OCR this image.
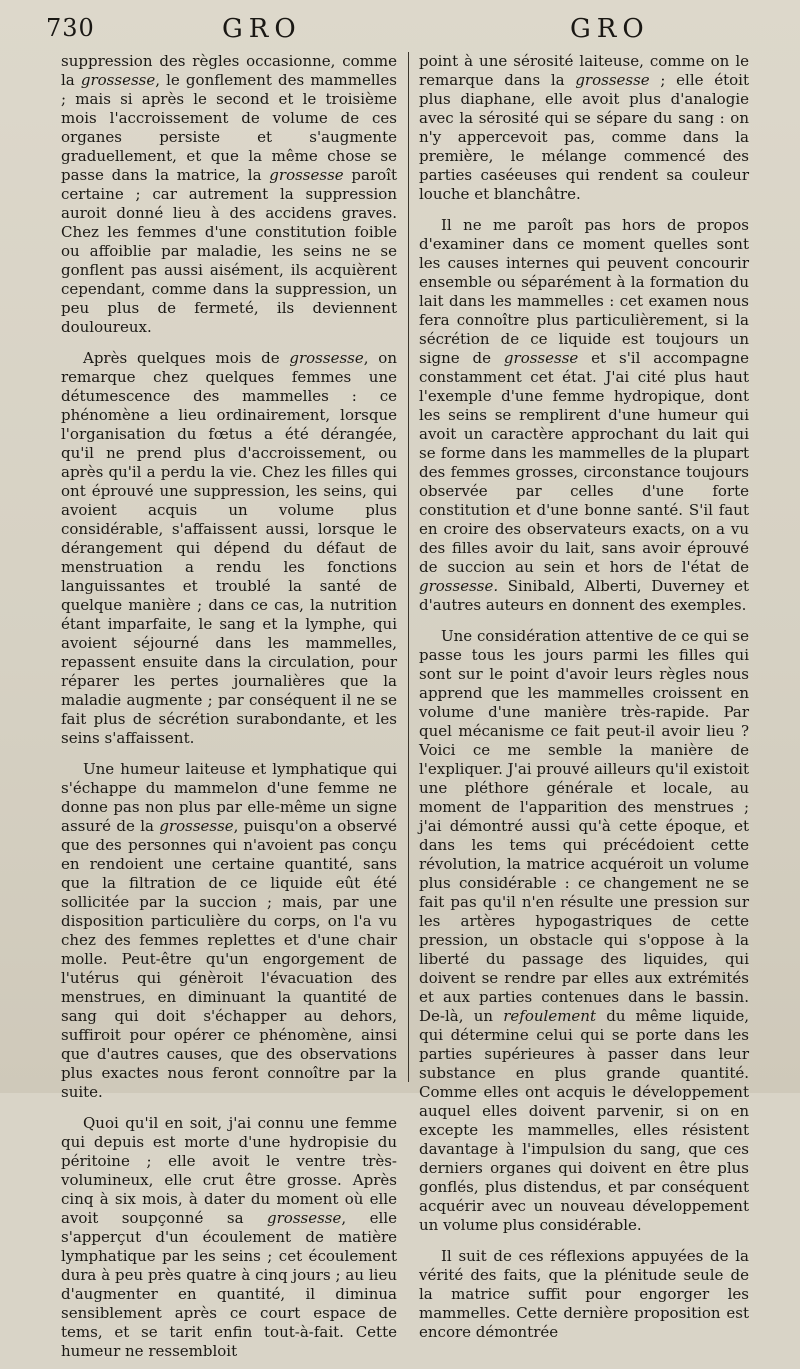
730	GRO	GRO

suppression des règles occasionne, comme la grossesse, le gonflement des mammelles ; mais si après le second et le troisième mois l'accroissement de volume de ces organes persiste et s'augmente graduellement, et que la même chose se passe dans la matrice, la grossesse paroît certaine ; car autrement la suppression auroit donné lieu à des accidens graves. Chez les femmes d'une constitution foible ou affoiblie par maladie, les seins ne se gonflent pas aussi aisément, ils acquièrent cependant, comme dans la suppression, un peu plus de fermeté, ils deviennent douloureux.

Après quelques mois de grossesse, on remarque chez quelques femmes une détumescence des mammelles : ce phénomène a lieu ordinairement, lorsque l'organisation du fœtus a été dérangée, qu'il ne prend plus d'accroissement, ou après qu'il a perdu la vie. Chez les filles qui ont éprouvé une suppression, les seins, qui avoient acquis un volume plus considérable, s'affaissent aussi, lorsque le dérangement qui dépend du défaut de menstruation a rendu les fonctions languissantes et troublé la santé de quelque manière ; dans ce cas, la nutrition étant imparfaite, le sang et la lymphe, qui avoient séjourné dans les mammelles, repassent ensuite dans la circulation, pour réparer les pertes journalières que la maladie augmente ; par conséquent il ne se fait plus de sécrétion surabondante, et les seins s'affaissent.

Une humeur laiteuse et lymphatique qui s'échappe du mammelon d'une femme ne donne pas non plus par elle-même un signe assuré de la grossesse, puisqu'on a observé que des personnes qui n'avoient pas conçu en rendoient une certaine quantité, sans que la filtration de ce liquide eût été sollicitée par la succion ; mais, par une disposition particulière du corps, on l'a vu chez des femmes replettes et d'une chair molle. Peut-être qu'un engorgement de l'utérus qui génèroit l'évacuation des menstrues, en diminuant la quantité de sang qui doit s'échapper au dehors, suffiroit pour opérer ce phénomène, ainsi que d'autres causes, que des observations plus exactes nous feront connoître par la suite.

Quoi qu'il en soit, j'ai connu une femme qui depuis est morte d'une hydropisie du péritoine ; elle avoit le ventre très-volumineux, elle crut être grosse. Après cinq à six mois, à dater du moment où elle avoit soupçonné sa grossesse, elle s'apperçut d'un écoulement de matière lymphatique par les seins ; cet écoulement dura à peu près quatre à cinq jours ; au lieu d'augmenter en quantité, il diminua sensiblement après ce court espace de tems, et se tarit enfin tout-à-fait. Cette humeur ne ressembloit

point à une sérosité laiteuse, comme on le remarque dans la grossesse ; elle étoit plus diaphane, elle avoit plus d'analogie avec la sérosité qui se sépare du sang : on n'y appercevoit pas, comme dans la première, le mélange commencé des parties caséeuses qui rendent sa couleur louche et blanchâtre.

Il ne me paroît pas hors de propos d'examiner dans ce moment quelles sont les causes internes qui peuvent concourir ensemble ou séparément à la formation du lait dans les mammelles : cet examen nous fera connoître plus particulièrement, si la sécrétion de ce liquide est toujours un signe de grossesse et s'il accompagne constamment cet état. J'ai cité plus haut l'exemple d'une femme hydropique, dont les seins se remplirent d'une humeur qui avoit un caractère approchant du lait qui se forme dans les mammelles de la plupart des femmes grosses, circonstance toujours observée par celles d'une forte constitution et d'une bonne santé. S'il faut en croire des observateurs exacts, on a vu des filles avoir du lait, sans avoir éprouvé de succion au sein et hors de l'état de grossesse. Sinibald, Alberti, Duverney et d'autres auteurs en donnent des exemples.

Une considération attentive de ce qui se passe tous les jours parmi les filles qui sont sur le point d'avoir leurs règles nous apprend que les mammelles croissent en volume d'une manière très-rapide. Par quel mécanisme ce fait peut-il avoir lieu ? Voici ce me semble la manière de l'expliquer. J'ai prouvé ailleurs qu'il existoit une pléthore générale et locale, au moment de l'apparition des menstrues ; j'ai démontré aussi qu'à cette époque, et dans les tems qui précédoient cette révolution, la matrice acquéroit un volume plus considérable : ce changement ne se fait pas qu'il n'en résulte une pression sur les artères hypogastriques de cette pression, un obstacle qui s'oppose à la liberté du passage des liquides, qui doivent se rendre par elles aux extrémités et aux parties contenues dans le bassin. De-là, un refoulement du même liquide, qui détermine celui qui se porte dans les parties supérieures à passer dans leur substance en plus grande quantité. Comme elles ont acquis le développement auquel elles doivent parvenir, si on en excepte les mammelles, elles résistent davantage à l'impulsion du sang, que ces derniers organes qui doivent en être plus gonflés, plus distendus, et par conséquent acquérir avec un nouveau développement un volume plus considérable.

Il suit de ces réflexions appuyées de la vérité des faits, que la plénitude seule de la matrice suffit pour engorger les mammelles. Cette dernière proposition est encore démontrée
